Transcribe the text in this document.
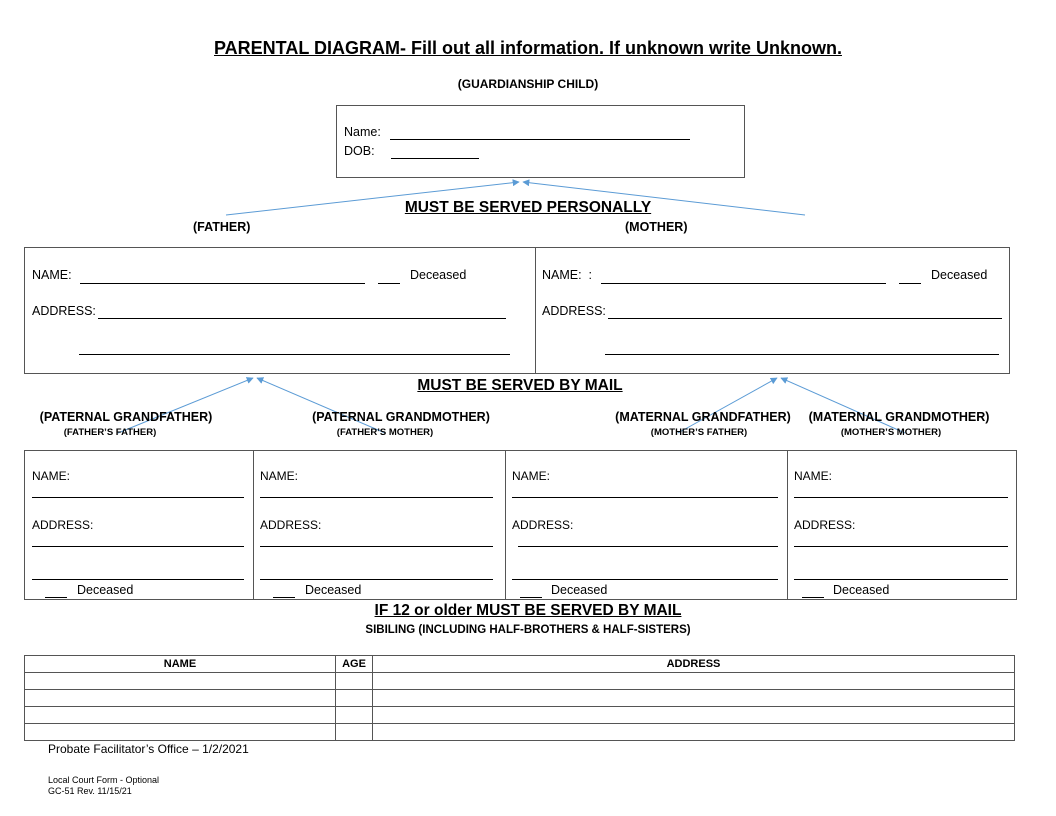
PARENTAL DIAGRAM- Fill out all information. If unknown write Unknown.
(GUARDIANSHIP CHILD)
Name:
DOB:
MUST BE SERVED PERSONALLY
(FATHER)	(MOTHER)
NAME:	Deceased
ADDRESS:
NAME:  :	Deceased
ADDRESS:
MUST BE SERVED BY MAIL
(PATERNAL GRANDFATHER)
(FATHER’S FATHER)
(PATERNAL GRANDMOTHER)
(FATHER’S MOTHER)
(MATERNAL GRANDFATHER)
(MOTHER’S FATHER)
(MATERNAL GRANDMOTHER)
(MOTHER’S MOTHER)
NAME:
ADDRESS:
Deceased
NAME:
ADDRESS:
Deceased
NAME:
ADDRESS:
Deceased
NAME:
ADDRESS:
Deceased
IF 12 or older MUST BE SERVED BY MAIL
SIBILING (INCLUDING HALF-BROTHERS & HALF-SISTERS)
NAME	AGE	ADDRESS

Probate Facilitator’s Office – 1/2/2021
Local Court Form - Optional
GC-51 Rev. 11/15/21
